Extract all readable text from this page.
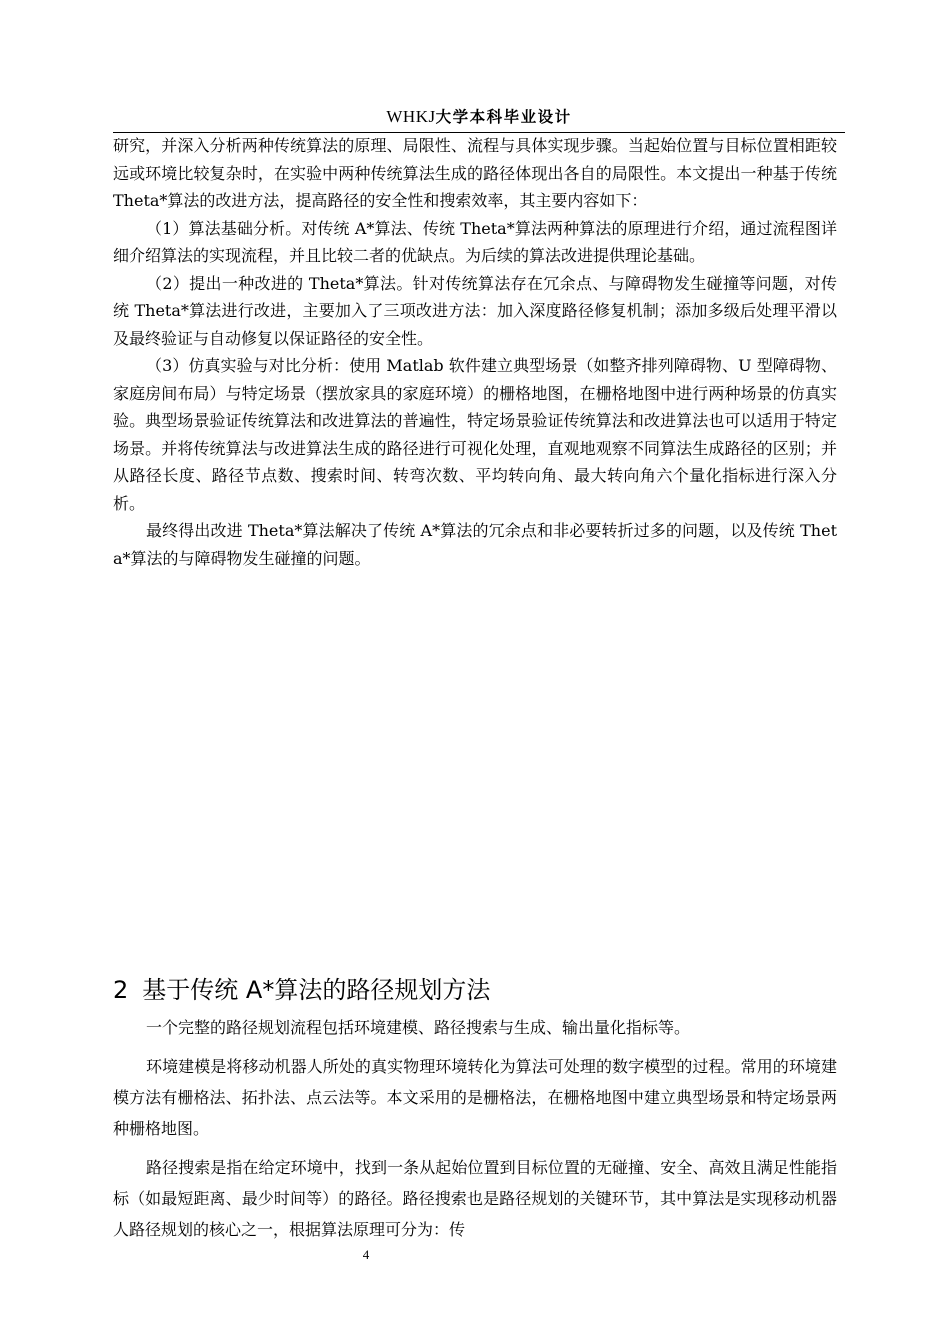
WHKJ大学本科毕业设计

研究，并深入分析两种传统算法的原理、局限性、流程与具体实现步骤。当起始位置与目标位置相距较远或环境比较复杂时，在实验中两种传统算法生成的路径体现出各自的局限性。本文提出一种基于传统 Theta*算法的改进方法，提高路径的安全性和搜索效率，其主要内容如下：

（1）算法基础分析。对传统 A*算法、传统 Theta*算法两种算法的原理进行介绍，通过流程图详细介绍算法的实现流程，并且比较二者的优缺点。为后续的算法改进提供理论基础。

（2）提出一种改进的 Theta*算法。针对传统算法存在冗余点、与障碍物发生碰撞等问题，对传统 Theta*算法进行改进，主要加入了三项改进方法：加入深度路径修复机制；添加多级后处理平滑以及最终验证与自动修复以保证路径的安全性。

（3）仿真实验与对比分析：使用 Matlab 软件建立典型场景（如整齐排列障碍物、U 型障碍物、家庭房间布局）与特定场景（摆放家具的家庭环境）的栅格地图，在栅格地图中进行两种场景的仿真实验。典型场景验证传统算法和改进算法的普遍性，特定场景验证传统算法和改进算法也可以适用于特定场景。并将传统算法与改进算法生成的路径进行可视化处理，直观地观察不同算法生成路径的区别；并从路径长度、路径节点数、搜索时间、转弯次数、平均转向角、最大转向角六个量化指标进行深入分析。

最终得出改进 Theta*算法解决了传统 A*算法的冗余点和非必要转折过多的问题，以及传统 Theta*算法的与障碍物发生碰撞的问题。

2 基于传统 A*算法的路径规划方法

一个完整的路径规划流程包括环境建模、路径搜索与生成、输出量化指标等。

环境建模是将移动机器人所处的真实物理环境转化为算法可处理的数字模型的过程。常用的环境建模方法有栅格法、拓扑法、点云法等。本文采用的是栅格法，在栅格地图中建立典型场景和特定场景两种栅格地图。

路径搜索是指在给定环境中，找到一条从起始位置到目标位置的无碰撞、安全、高效且满足性能指标（如最短距离、最少时间等）的路径。路径搜索也是路径规划的关键环节，其中算法是实现移动机器人路径规划的核心之一，根据算法原理可分为：传

4
